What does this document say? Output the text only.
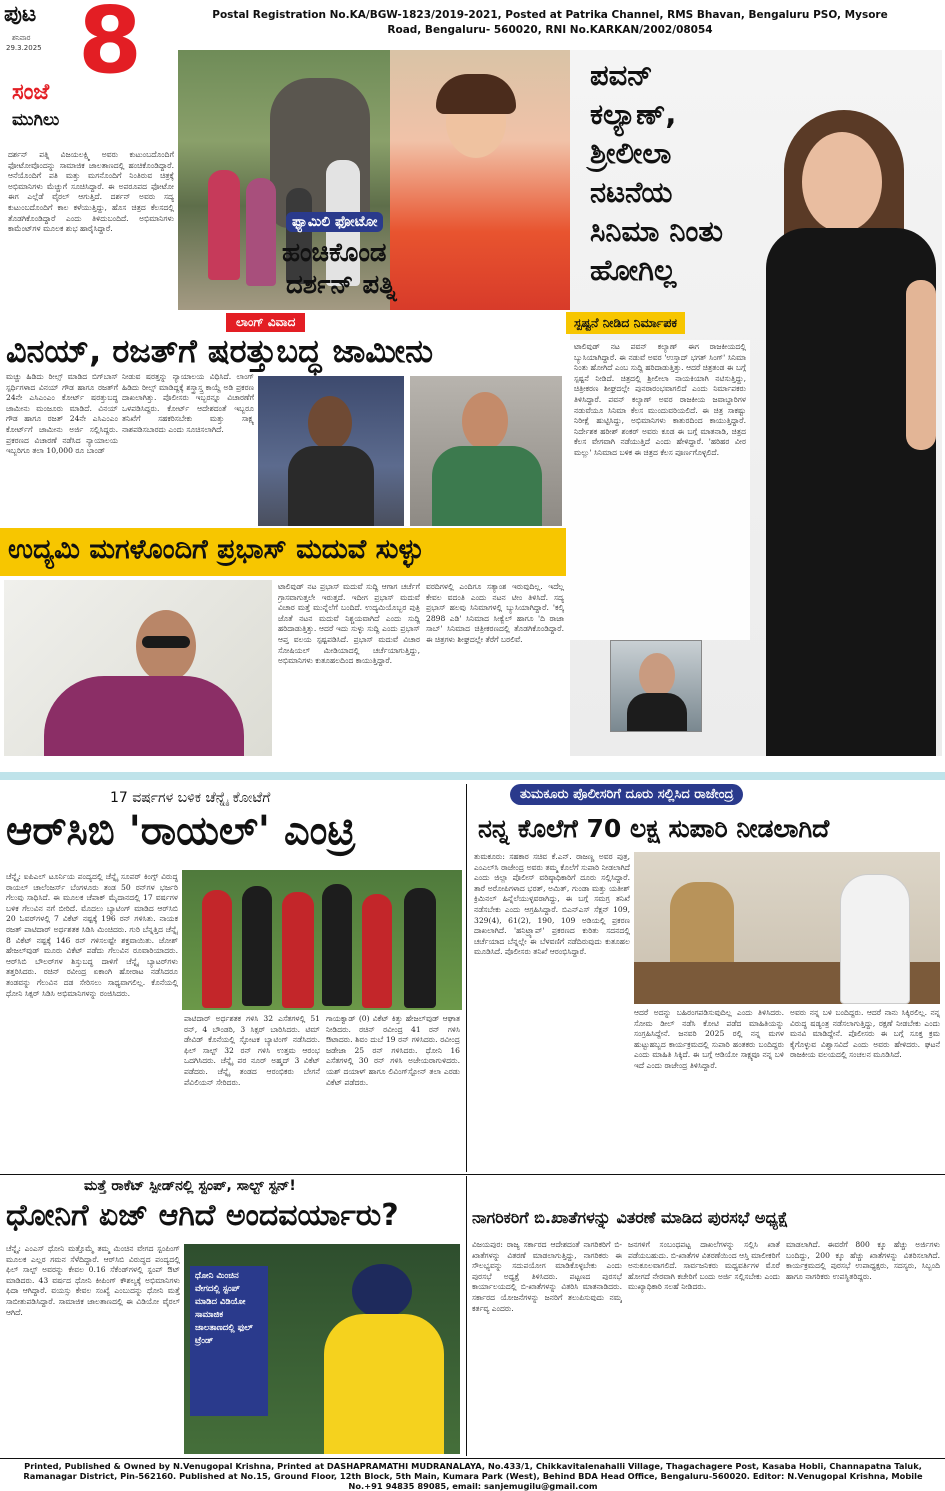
ಪುಟ
ಶನಿವಾರ
29.3.2025 8	Postal Registration No.KA/BGW-1823/2019-2021, Posted at Patrika Channel, RMS Bhavan, Bengaluru PSO, Mysore Road, Bengaluru- 560020, RNI No.KARKAN/2002/08054
ಸಂಜೆ
ಮುಗಿಲು
ಫ್ಯಾಮಿಲಿ ಫೋಟೋ
ಹಂಚಿಕೊಂಡ
ದರ್ಶನ್ ಪತ್ನಿ
ದರ್ಶನ್ ಪತ್ನಿ ವಿಜಯಲಕ್ಷ್ಮಿ ಅವರು ಕುಟುಂಬದೊಂದಿಗೆ ಫೋಟೋವೊಂದನ್ನು ಸಾಮಾಜಿಕ ಜಾಲತಾಣದಲ್ಲಿ ಹಂಚಿಕೊಂಡಿದ್ದಾರೆ. ಆನೆಯೊಂದಿಗೆ ಪತಿ ಮತ್ತು ಮಗನೊಂದಿಗೆ ನಿಂತಿರುವ ಚಿತ್ರಕ್ಕೆ ಅಭಿಮಾನಿಗಳು ಮೆಚ್ಚುಗೆ ಸೂಚಿಸಿದ್ದಾರೆ. ಈ ಅಪರೂಪದ ಫೋಟೋ ಈಗ ಎಲ್ಲೆಡೆ ವೈರಲ್ ಆಗುತ್ತಿದೆ. ದರ್ಶನ್ ಅವರು ಸದ್ಯ ಕುಟುಂಬದೊಂದಿಗೆ ಕಾಲ ಕಳೆಯುತ್ತಿದ್ದು, ಹೊಸ ಚಿತ್ರದ ಕೆಲಸದಲ್ಲಿ ತೊಡಗಿಕೊಂಡಿದ್ದಾರೆ ಎಂದು ತಿಳಿದುಬಂದಿದೆ. ಅಭಿಮಾನಿಗಳು ಕಾಮೆಂಟ್‌ಗಳ ಮೂಲಕ ಶುಭ ಹಾರೈಸಿದ್ದಾರೆ.
ಪವನ್
ಕಲ್ಯಾಣ್,
ಶ್ರೀಲೀಲಾ
ನಟನೆಯ
ಸಿನಿಮಾ ನಿಂತು
ಹೋಗಿಲ್ಲ
ಸ್ಪಷ್ಟನೆ ನೀಡಿದ ನಿರ್ಮಾಪಕ
ಟಾಲಿವುಡ್ ನಟ ಪವನ್ ಕಲ್ಯಾಣ್ ಈಗ ರಾಜಕೀಯದಲ್ಲಿ ಬ್ಯುಸಿಯಾಗಿದ್ದಾರೆ. ಈ ನಡುವೆ ಅವರ 'ಉಸ್ತಾದ್ ಭಗತ್ ಸಿಂಗ್' ಸಿನಿಮಾ ನಿಂತು ಹೋಗಿದೆ ಎಂಬ ಸುದ್ದಿ ಹರಿದಾಡುತ್ತಿತ್ತು. ಆದರೆ ಚಿತ್ರತಂಡ ಈ ಬಗ್ಗೆ ಸ್ಪಷ್ಟನೆ ನೀಡಿದೆ. ಚಿತ್ರದಲ್ಲಿ ಶ್ರೀಲೀಲಾ ನಾಯಕಿಯಾಗಿ ನಟಿಸುತ್ತಿದ್ದು, ಚಿತ್ರೀಕರಣ ಶೀಘ್ರದಲ್ಲೇ ಪುನರಾರಂಭವಾಗಲಿದೆ ಎಂದು ನಿರ್ಮಾಪಕರು ತಿಳಿಸಿದ್ದಾರೆ. ಪವನ್ ಕಲ್ಯಾಣ್ ಅವರ ರಾಜಕೀಯ ಜವಾಬ್ದಾರಿಗಳ ನಡುವೆಯೂ ಸಿನಿಮಾ ಕೆಲಸ ಮುಂದುವರಿಯಲಿದೆ. ಈ ಚಿತ್ರ ಸಾಕಷ್ಟು ನಿರೀಕ್ಷೆ ಹುಟ್ಟಿಸಿದ್ದು, ಅಭಿಮಾನಿಗಳು ಕಾತುರದಿಂದ ಕಾಯುತ್ತಿದ್ದಾರೆ. ನಿರ್ದೇಶಕ ಹರೀಶ್ ಶಂಕರ್ ಅವರು ಕೂಡ ಈ ಬಗ್ಗೆ ಮಾತನಾಡಿ, ಚಿತ್ರದ ಕೆಲಸ ವೇಗವಾಗಿ ನಡೆಯುತ್ತಿದೆ ಎಂದು ಹೇಳಿದ್ದಾರೆ. 'ಹರಿಹರ ವೀರ ಮಲ್ಲು' ಸಿನಿಮಾದ ಬಳಿಕ ಈ ಚಿತ್ರದ ಕೆಲಸ ಪೂರ್ಣಗೊಳ್ಳಲಿದೆ.
ಲಾಂಗ್ ವಿವಾದ
ವಿನಯ್, ರಜತ್‌ಗೆ ಷರತ್ತುಬದ್ಧ ಜಾಮೀನು
ಮಚ್ಚು ಹಿಡಿದು ರೀಲ್ಸ್ ಮಾಡಿದ ಬಿಗ್‌ಬಾಸ್ ಸ್ಪರ್ಧಿಗಳಾದ ವಿನಯ್ ಗೌಡ ಹಾಗೂ ರಜತ್‌ಗೆ 24ನೇ ಎಸಿಎಂಎಂ ಕೋರ್ಟ್ ಷರತ್ತುಬದ್ಧ ಜಾಮೀನು ಮಂಜೂರು ಮಾಡಿದೆ. ವಿನಯ್ ಗೌಡ ಹಾಗೂ ರಜತ್ 24ನೇ ಎಸಿಎಂಎಂ ಕೋರ್ಟ್‌ಗೆ ಜಾಮೀನು ಅರ್ಜಿ ಸಲ್ಲಿಸಿದ್ದರು. ಪ್ರಕರಣದ ವಿಚಾರಣೆ ನಡೆಸಿದ ನ್ಯಾಯಾಲಯ ಇಬ್ಬರಿಗೂ ತಲಾ 10,000 ರೂ ಬಾಂಡ್
ನೀಡುವ ಷರತ್ತನ್ನು ನ್ಯಾಯಾಲಯ ವಿಧಿಸಿದೆ. ಲಾಂಗ್ ಹಿಡಿದು ರೀಲ್ಸ್ ಮಾಡಿದ್ದಕ್ಕೆ ಶಸ್ತ್ರಾಸ್ತ್ರ ಕಾಯ್ದೆ ಅಡಿ ಪ್ರಕರಣ ದಾಖಲಾಗಿತ್ತು. ಪೊಲೀಸರು ಇಬ್ಬರನ್ನೂ ವಿಚಾರಣೆಗೆ ಒಳಪಡಿಸಿದ್ದರು. ಕೋರ್ಟ್ ಆದೇಶದಂತೆ ಇಬ್ಬರೂ ತನಿಖೆಗೆ ಸಹಕರಿಸಬೇಕು ಮತ್ತು ಸಾಕ್ಷ್ಯ ನಾಶಪಡಿಸಬಾರದು ಎಂದು ಸೂಚಿಸಲಾಗಿದೆ.
ಉದ್ಯಮಿ ಮಗಳೊಂದಿಗೆ ಪ್ರಭಾಸ್ ಮದುವೆ ಸುಳ್ಳು
ಟಾಲಿವುಡ್ ನಟ ಪ್ರಭಾಸ್ ಮದುವೆ ಸುದ್ದಿ ಆಗಾಗ ಚರ್ಚೆಗೆ ಗ್ರಾಸವಾಗುತ್ತಲೇ ಇರುತ್ತದೆ. ಇದೀಗ ಪ್ರಭಾಸ್ ಮದುವೆ ವಿಚಾರ ಮತ್ತೆ ಮುನ್ನೆಲೆಗೆ ಬಂದಿದೆ. ಉದ್ಯಮಿಯೊಬ್ಬರ ಪುತ್ರಿ ಜೊತೆ ನಟನ ಮದುವೆ ನಿಶ್ಚಯವಾಗಿದೆ ಎಂದು ಸುದ್ದಿ ಹರಿದಾಡುತ್ತಿತ್ತು. ಆದರೆ ಇದು ಸುಳ್ಳು ಸುದ್ದಿ ಎಂದು ಪ್ರಭಾಸ್ ಆಪ್ತ ವಲಯ ಸ್ಪಷ್ಟಪಡಿಸಿದೆ. ಪ್ರಭಾಸ್ ಮದುವೆ ವಿಚಾರ ಸೋಷಿಯಲ್ ಮೀಡಿಯಾದಲ್ಲಿ ಚರ್ಚೆಯಾಗುತ್ತಿದ್ದು, ಅಭಿಮಾನಿಗಳು ಕುತೂಹಲದಿಂದ ಕಾಯುತ್ತಿದ್ದಾರೆ.
ವರದಿಗಳಲ್ಲಿ ಎಂದಿಗೂ ಸತ್ಯಾಂಶ ಇರುವುದಿಲ್ಲ. ಇದೆಲ್ಲ ಕೇವಲ ವದಂತಿ ಎಂದು ನಟನ ಟೀಂ ತಿಳಿಸಿದೆ. ಸದ್ಯ ಪ್ರಭಾಸ್ ಹಲವು ಸಿನಿಮಾಗಳಲ್ಲಿ ಬ್ಯುಸಿಯಾಗಿದ್ದಾರೆ. 'ಕಲ್ಕಿ 2898 ಎಡಿ' ಸಿನಿಮಾದ ಸೀಕ್ವೆಲ್ ಹಾಗೂ 'ದಿ ರಾಜಾ ಸಾಬ್' ಸಿನಿಮಾದ ಚಿತ್ರೀಕರಣದಲ್ಲಿ ತೊಡಗಿಕೊಂಡಿದ್ದಾರೆ. ಈ ಚಿತ್ರಗಳು ಶೀಘ್ರದಲ್ಲೇ ತೆರೆಗೆ ಬರಲಿವೆ.
17 ವರ್ಷಗಳ ಬಳಿಕ ಚೆನ್ನೈ ಕೋಟೆಗೆ
ಆರ್‌ಸಿಬಿ 'ರಾಯಲ್' ಎಂಟ್ರಿ
ಚೆನ್ನೈ: ಐಪಿಎಲ್ ಟೂರ್ನಿಯ ಪಂದ್ಯದಲ್ಲಿ ಚೆನ್ನೈ ಸೂಪರ್ ಕಿಂಗ್ಸ್ ವಿರುದ್ಧ ರಾಯಲ್ ಚಾಲೆಂಜರ್ಸ್ ಬೆಂಗಳೂರು ತಂಡ 50 ರನ್‌ಗಳ ಭರ್ಜರಿ ಗೆಲುವು ಸಾಧಿಸಿದೆ. ಈ ಮೂಲಕ ಚೆಪಾಕ್ ಮೈದಾನದಲ್ಲಿ 17 ವರ್ಷಗಳ ಬಳಿಕ ಗೆಲುವಿನ ನಗೆ ಬೀರಿದೆ. ಮೊದಲು ಬ್ಯಾಟಿಂಗ್ ಮಾಡಿದ ಆರ್‌ಸಿಬಿ 20 ಓವರ್‌ಗಳಲ್ಲಿ 7 ವಿಕೆಟ್ ನಷ್ಟಕ್ಕೆ 196 ರನ್ ಗಳಿಸಿತು. ನಾಯಕ ರಜತ್ ಪಾಟಿದಾರ್ ಅರ್ಧಶತಕ ಸಿಡಿಸಿ ಮಿಂಚಿದರು. ಗುರಿ ಬೆನ್ನತ್ತಿದ ಚೆನ್ನೈ 8 ವಿಕೆಟ್ ನಷ್ಟಕ್ಕೆ 146 ರನ್ ಗಳಿಸಲಷ್ಟೇ ಶಕ್ತವಾಯಿತು. ಜೋಶ್ ಹೇಜಲ್‌ವುಡ್ ಮೂರು ವಿಕೆಟ್ ಪಡೆದು ಗೆಲುವಿನ ರೂವಾರಿಯಾದರು. ಆರ್‌ಸಿಬಿ ಬೌಲರ್‌ಗಳ ಶಿಸ್ತುಬದ್ಧ ದಾಳಿಗೆ ಚೆನ್ನೈ ಬ್ಯಾಟರ್‌ಗಳು ತತ್ತರಿಸಿದರು. ರಚಿನ್ ರವೀಂದ್ರ ಏಕಾಂಗಿ ಹೋರಾಟ ನಡೆಸಿದರೂ ತಂಡವನ್ನು ಗೆಲುವಿನ ದಡ ಸೇರಿಸಲು ಸಾಧ್ಯವಾಗಲಿಲ್ಲ. ಕೊನೆಯಲ್ಲಿ ಧೋನಿ ಸಿಕ್ಸರ್ ಸಿಡಿಸಿ ಅಭಿಮಾನಿಗಳನ್ನು ರಂಜಿಸಿದರು.
ಪಾಟಿದಾರ್ ಅರ್ಧಶತಕ ಗಳಿಸಿ 32 ಎಸೆತಗಳಲ್ಲಿ 51 ರನ್, 4 ಬೌಂಡರಿ, 3 ಸಿಕ್ಸರ್ ಬಾರಿಸಿದರು. ಟಿಮ್ ಡೇವಿಡ್ ಕೊನೆಯಲ್ಲಿ ಸ್ಫೋಟಕ ಬ್ಯಾಟಿಂಗ್ ನಡೆಸಿದರು. ಫಿಲ್ ಸಾಲ್ಟ್ 32 ರನ್ ಗಳಿಸಿ ಉತ್ತಮ ಆರಂಭ ಒದಗಿಸಿದರು. ಚೆನ್ನೈ ಪರ ನೂರ್ ಅಹ್ಮದ್ 3 ವಿಕೆಟ್ ಪಡೆದರು. ಚೆನ್ನೈ ತಂಡದ ಆರಂಭಿಕರು ಬೇಗನೆ ಪೆವಿಲಿಯನ್ ಸೇರಿದರು.
ಗಾಯಕ್ವಾಡ್ (0) ವಿಕೆಟ್ ಕಿತ್ತು ಹೇಜಲ್‌ವುಡ್ ಆಘಾತ ನೀಡಿದರು. ರಚಿನ್ ರವೀಂದ್ರ 41 ರನ್ ಗಳಿಸಿ ಔಟಾದರು. ಶಿವಂ ದುಬೆ 19 ರನ್ ಗಳಿಸಿದರು. ರವೀಂದ್ರ ಜಡೇಜಾ 25 ರನ್ ಗಳಿಸಿದರು. ಧೋನಿ 16 ಎಸೆತಗಳಲ್ಲಿ 30 ರನ್ ಗಳಿಸಿ ಅಜೇಯರಾಗುಳಿದರು. ಯಶ್ ದಯಾಳ್ ಹಾಗೂ ಲಿವಿಂಗ್‌ಸ್ಟೋನ್ ತಲಾ ಎರಡು ವಿಕೆಟ್ ಪಡೆದರು.
ತುಮಕೂರು ಪೊಲೀಸರಿಗೆ ದೂರು ಸಲ್ಲಿಸಿದ ರಾಜೇಂದ್ರ
ನನ್ನ ಕೊಲೆಗೆ 70 ಲಕ್ಷ ಸುಪಾರಿ ನೀಡಲಾಗಿದೆ
ತುಮಕೂರು: ಸಹಕಾರ ಸಚಿವ ಕೆ.ಎನ್. ರಾಜಣ್ಣ ಅವರ ಪುತ್ರ, ಎಂಎಲ್‌ಸಿ ರಾಜೇಂದ್ರ ಅವರು ತಮ್ಮ ಕೊಲೆಗೆ ಸುಪಾರಿ ನೀಡಲಾಗಿದೆ ಎಂದು ಜಿಲ್ಲಾ ಪೊಲೀಸ್ ವರಿಷ್ಠಾಧಿಕಾರಿಗೆ ದೂರು ಸಲ್ಲಿಸಿದ್ದಾರೆ. ತಾರೆ ಅರೋಪಿಗಳಾದ ಭರತ್, ಅಮಿತ್, ಗುಂಡಾ ಮತ್ತು ಯತೀಶ್ ಕ್ರಿಮಿನಲ್ ಹಿನ್ನೆಲೆಯುಳ್ಳವರಾಗಿದ್ದು, ಈ ಬಗ್ಗೆ ಸಮಗ್ರ ತನಿಖೆ ನಡೆಸಬೇಕು ಎಂದು ಆಗ್ರಹಿಸಿದ್ದಾರೆ. ಬಿಎನ್‌ಎಸ್ ಸೆಕ್ಷನ್ 109, 329(4), 61(2), 190, 109 ಅಡಿಯಲ್ಲಿ ಪ್ರಕರಣ ದಾಖಲಾಗಿದೆ. 'ಹನಿಟ್ರ್ಯಾಪ್' ಪ್ರಕರಣದ ಕುರಿತು ಸದನದಲ್ಲಿ ಚರ್ಚೆಯಾದ ಬೆನ್ನಲ್ಲೇ ಈ ಬೆಳವಣಿಗೆ ನಡೆದಿರುವುದು ಕುತೂಹಲ ಮೂಡಿಸಿದೆ. ಪೊಲೀಸರು ತನಿಖೆ ಆರಂಭಿಸಿದ್ದಾರೆ.
ಆದರೆ ಅದನ್ನು ಬಹಿರಂಗಪಡಿಸುವುದಿಲ್ಲ ಎಂದು ತಿಳಿಸಿದರು. ಸೋಮ ಡೀಲ್ ನಡೆಸಿ ಕೋಟಿ ಪಡೆದ ಮಾಹಿತಿಯನ್ನು ಸಂಗ್ರಹಿಸಿದ್ದೇನೆ. ಜನವರಿ 2025 ರಲ್ಲಿ ನನ್ನ ಮಗಳ ಹುಟ್ಟುಹಬ್ಬದ ಕಾರ್ಯಕ್ರಮದಲ್ಲಿ ಸುಪಾರಿ ಹಂತಕರು ಬಂದಿದ್ದರು ಎಂದು ಮಾಹಿತಿ ಸಿಕ್ಕಿದೆ. ಈ ಬಗ್ಗೆ ಆಡಿಯೋ ಸಾಕ್ಷ್ಯವೂ ನನ್ನ ಬಳಿ ಇದೆ ಎಂದು ರಾಜೇಂದ್ರ ತಿಳಿಸಿದ್ದಾರೆ.
ಅವರು ನನ್ನ ಬಳಿ ಬಂದಿದ್ದರು. ಆದರೆ ನಾನು ಸಿಕ್ಕಿರಲಿಲ್ಲ. ನನ್ನ ವಿರುದ್ಧ ಷಡ್ಯಂತ್ರ ನಡೆಸಲಾಗುತ್ತಿದ್ದು, ರಕ್ಷಣೆ ನೀಡಬೇಕು ಎಂದು ಮನವಿ ಮಾಡಿದ್ದೇನೆ. ಪೊಲೀಸರು ಈ ಬಗ್ಗೆ ಸೂಕ್ತ ಕ್ರಮ ಕೈಗೊಳ್ಳುವ ವಿಶ್ವಾಸವಿದೆ ಎಂದು ಅವರು ಹೇಳಿದರು. ಘಟನೆ ರಾಜಕೀಯ ವಲಯದಲ್ಲಿ ಸಂಚಲನ ಮೂಡಿಸಿದೆ.
ಮತ್ತೆ ರಾಕೆಟ್ ಸ್ಪೀಡ್‌ನಲ್ಲಿ ಸ್ಟಂಪ್, ಸಾಲ್ಟ್ ಸ್ಟನ್!
ಧೋನಿಗೆ ಏಜ್ ಆಗಿದೆ ಅಂದವರ್ಯಾರು?
ಚೆನ್ನೈ: ಎಂಎಸ್ ಧೋನಿ ಮತ್ತೊಮ್ಮೆ ತಮ್ಮ ಮಿಂಚಿನ ವೇಗದ ಸ್ಟಂಪಿಂಗ್ ಮೂಲಕ ಎಲ್ಲರ ಗಮನ ಸೆಳೆದಿದ್ದಾರೆ. ಆರ್‌ಸಿಬಿ ವಿರುದ್ಧದ ಪಂದ್ಯದಲ್ಲಿ ಫಿಲ್ ಸಾಲ್ಟ್ ಅವರನ್ನು ಕೇವಲ 0.16 ಸೆಕೆಂಡ್‌ಗಳಲ್ಲಿ ಸ್ಟಂಪ್ ಔಟ್ ಮಾಡಿದರು. 43 ವರ್ಷದ ಧೋನಿ ಕೀಪಿಂಗ್ ಕೌಶಲ್ಯಕ್ಕೆ ಅಭಿಮಾನಿಗಳು ಫಿದಾ ಆಗಿದ್ದಾರೆ. ವಯಸ್ಸು ಕೇವಲ ಸಂಖ್ಯೆ ಎಂಬುದನ್ನು ಧೋನಿ ಮತ್ತೆ ಸಾಬೀತುಪಡಿಸಿದ್ದಾರೆ. ಸಾಮಾಜಿಕ ಜಾಲತಾಣದಲ್ಲಿ ಈ ವಿಡಿಯೋ ವೈರಲ್ ಆಗಿದೆ.
ಧೋನಿ ಮಿಂಚಿನ ವೇಗದಲ್ಲಿ ಸ್ಟಂಪ್ ಮಾಡಿದ ವಿಡಿಯೋ ಸಾಮಾಜಿಕ ಜಾಲತಾಣದಲ್ಲಿ ಫುಲ್ ಟ್ರೆಂಡ್
ನಾಗರಿಕರಿಗೆ ಬಿ.ಖಾತೆಗಳನ್ನು ವಿತರಣೆ ಮಾಡಿದ ಪುರಸಭೆ ಅಧ್ಯಕ್ಷೆ
ವಿಜಯಪುರ: ರಾಜ್ಯ ಸರ್ಕಾರದ ಆದೇಶದಂತೆ ನಾಗರಿಕರಿಗೆ ಬಿ-ಖಾತೆಗಳನ್ನು ವಿತರಣೆ ಮಾಡಲಾಗುತ್ತಿದ್ದು, ನಾಗರಿಕರು ಈ ಸೌಲಭ್ಯವನ್ನು ಸದುಪಯೋಗ ಮಾಡಿಕೊಳ್ಳಬೇಕು ಎಂದು ಪುರಸಭೆ ಅಧ್ಯಕ್ಷೆ ತಿಳಿಸಿದರು. ಪಟ್ಟಣದ ಪುರಸಭೆ ಕಾರ್ಯಾಲಯದಲ್ಲಿ ಬಿ-ಖಾತೆಗಳನ್ನು ವಿತರಿಸಿ ಮಾತನಾಡಿದರು. ಸರ್ಕಾರದ ಯೋಜನೆಗಳನ್ನು ಜನರಿಗೆ ತಲುಪಿಸುವುದು ನಮ್ಮ ಕರ್ತವ್ಯ ಎಂದರು.
ಜನಗಳಿಗೆ ಸಂಬಂಧಪಟ್ಟ ದಾಖಲೆಗಳನ್ನು ಸಲ್ಲಿಸಿ ಖಾತೆ ಪಡೆಯಬಹುದು. ಬಿ-ಖಾತೆಗಳ ವಿತರಣೆಯಿಂದ ಆಸ್ತಿ ಮಾಲೀಕರಿಗೆ ಅನುಕೂಲವಾಗಲಿದೆ. ಸಾರ್ವಜನಿಕರು ಮಧ್ಯವರ್ತಿಗಳ ಮೊರೆ ಹೋಗದೆ ನೇರವಾಗಿ ಕಚೇರಿಗೆ ಬಂದು ಅರ್ಜಿ ಸಲ್ಲಿಸಬೇಕು ಎಂದು ಮುಖ್ಯಾಧಿಕಾರಿ ಸಲಹೆ ನೀಡಿದರು.
ಮಾಡಲಾಗಿದೆ. ಈವರೆಗೆ 800 ಕ್ಕೂ ಹೆಚ್ಚು ಅರ್ಜಿಗಳು ಬಂದಿದ್ದು, 200 ಕ್ಕೂ ಹೆಚ್ಚು ಖಾತೆಗಳನ್ನು ವಿತರಿಸಲಾಗಿದೆ. ಕಾರ್ಯಕ್ರಮದಲ್ಲಿ ಪುರಸಭೆ ಉಪಾಧ್ಯಕ್ಷರು, ಸದಸ್ಯರು, ಸಿಬ್ಬಂದಿ ಹಾಗೂ ನಾಗರಿಕರು ಉಪಸ್ಥಿತರಿದ್ದರು.
Printed, Published & Owned by N.Venugopal Krishna, Printed at DASHAPRAMATHI MUDRANALAYA, No.433/1, Chikkavitalenahalli Village, Thagachagere Post, Kasaba Hobli, Channapatna Taluk, Ramanagar District, Pin-562160. Published at No.15, Ground Floor, 12th Block, 5th Main, Kumara Park (West), Behind BDA Head Office, Bengaluru-560020. Editor: N.Venugopal Krishna, Mobile No.+91 94835 89085, email: sanjemugilu@gmail.com
